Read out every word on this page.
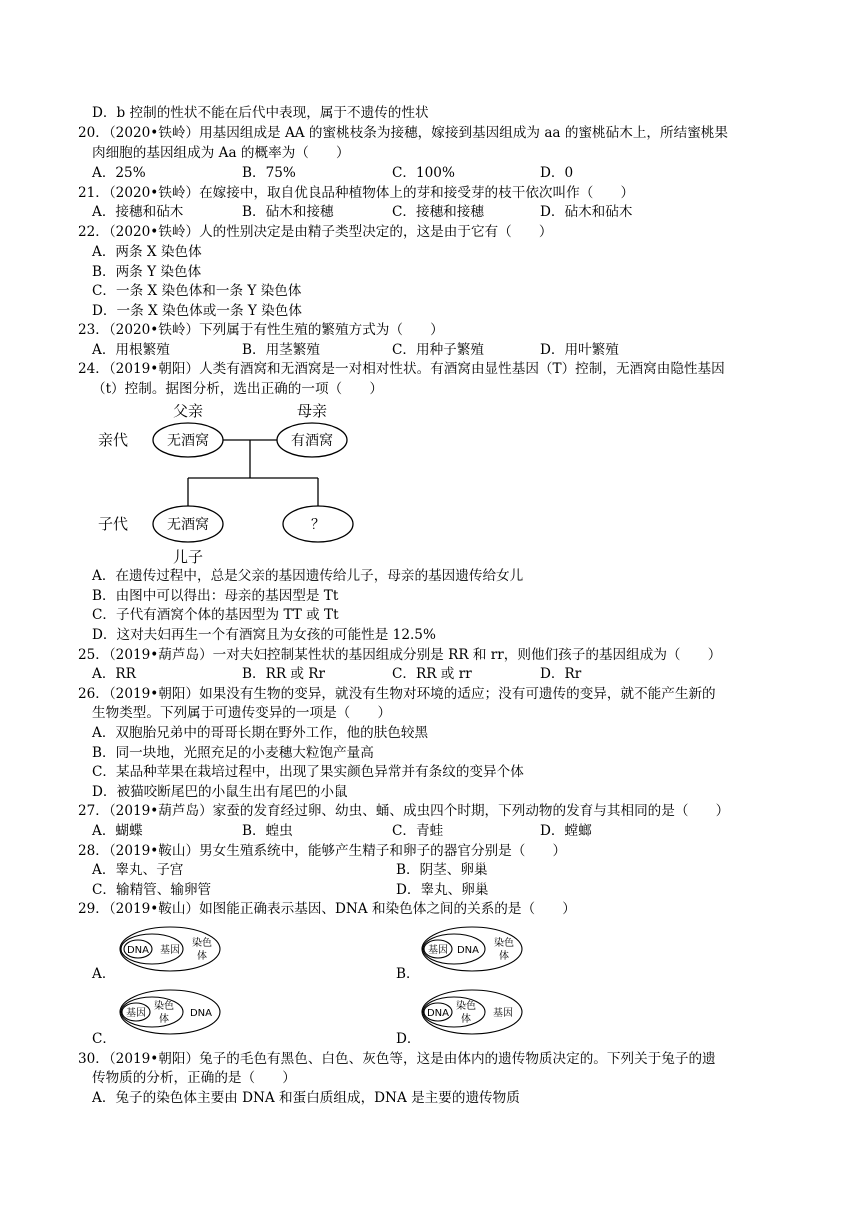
D．b 控制的性状不能在后代中表现，属于不遗传的性状
20．（2020•铁岭）用基因组成是 AA 的蜜桃枝条为接穗，嫁接到基因组成为 aa 的蜜桃砧木上，所结蜜桃果
肉细胞的基因组成为 Aa 的概率为（　　）
A．25%	B．75%	C．100%	D．0
21．（2020•铁岭）在嫁接中，取自优良品种植物体上的芽和接受芽的枝干依次叫作（　　）
A．接穗和砧木	B．砧木和接穗	C．接穗和接穗	D．砧木和砧木
22．（2020•铁岭）人的性别决定是由精子类型决定的，这是由于它有（　　）
A．两条 X 染色体
B．两条 Y 染色体
C．一条 X 染色体和一条 Y 染色体
D．一条 X 染色体或一条 Y 染色体
23．（2020•铁岭）下列属于有性生殖的繁殖方式为（　　）
A．用根繁殖	B．用茎繁殖	C．用种子繁殖	D．用叶繁殖
24．（2019•朝阳）人类有酒窝和无酒窝是一对相对性状。有酒窝由显性基因（T）控制，无酒窝由隐性基因
（t）控制。据图分析，选出正确的一项（　　）
父亲	母亲
亲代	无酒窝	有酒窝
子代	无酒窝	？
儿子
A．在遗传过程中，总是父亲的基因遗传给儿子，母亲的基因遗传给女儿
B．由图中可以得出：母亲的基因型是 Tt
C．子代有酒窝个体的基因型为 TT 或 Tt
D．这对夫妇再生一个有酒窝且为女孩的可能性是 12.5%
25．（2019•葫芦岛）一对夫妇控制某性状的基因组成分别是 RR 和 rr，则他们孩子的基因组成为（　　）
A．RR	B．RR 或 Rr	C．RR 或 rr	D．Rr
26．（2019•朝阳）如果没有生物的变异，就没有生物对环境的适应；没有可遗传的变异，就不能产生新的
生物类型。下列属于可遗传变异的一项是（　　）
A．双胞胎兄弟中的哥哥长期在野外工作，他的肤色较黑
B．同一块地，光照充足的小麦穗大粒饱产量高
C．某品种苹果在栽培过程中，出现了果实颜色异常并有条纹的变异个体
D．被猫咬断尾巴的小鼠生出有尾巴的小鼠
27．（2019•葫芦岛）家蚕的发育经过卵、幼虫、蛹、成虫四个时期，下列动物的发育与其相同的是（　　）
A．蝴蝶	B．蝗虫	C．青蛙	D．螳螂
28．（2019•鞍山）男女生殖系统中，能够产生精子和卵子的器官分别是（　　）
A．睾丸、子宫	B．阴茎、卵巢
C．输精管、输卵管	D．睾丸、卵巢
29．（2019•鞍山）如图能正确表示基因、DNA 和染色体之间的关系的是（　　）
A．
DNA 基因
染色
体
B．
基因 DNA
染色
体
C．
基因
染色
体
DNA
D．
DNA
染色
体
基因
30．（2019•朝阳）兔子的毛色有黑色、白色、灰色等，这是由体内的遗传物质决定的。下列关于兔子的遗
传物质的分析，正确的是（　　）
A．兔子的染色体主要由 DNA 和蛋白质组成，DNA 是主要的遗传物质
